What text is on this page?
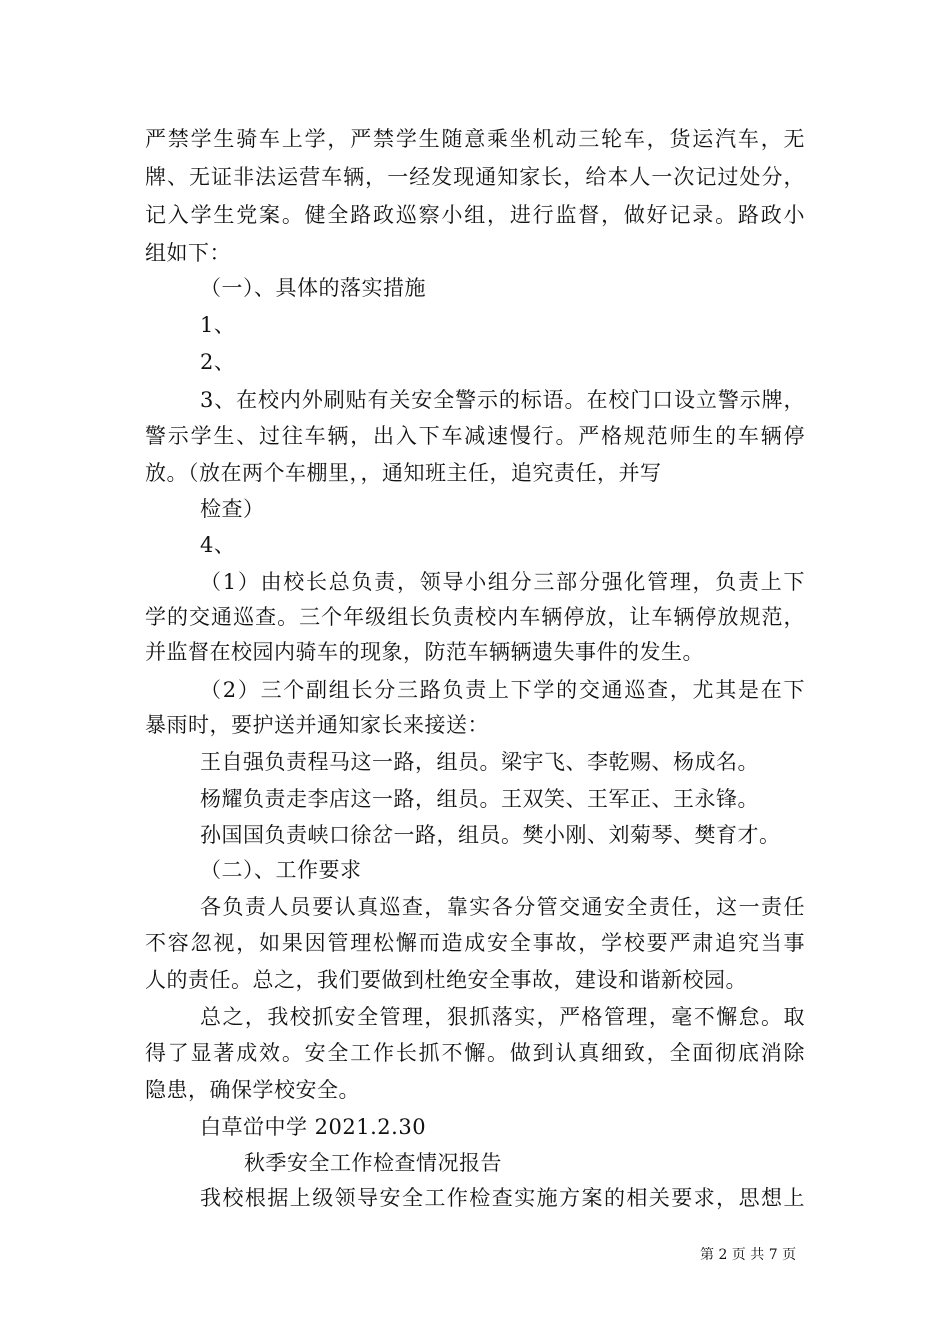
严禁学生骑车上学，严禁学生随意乘坐机动三轮车，货运汽车，无
牌、无证非法运营车辆，一经发现通知家长，给本人一次记过处分，
记入学生党案。健全路政巡察小组，进行监督，做好记录。路政小
组如下：
（一）、具体的落实措施
1、
2、
3、在校内外刷贴有关安全警示的标语。在校门口设立警示牌，
警示学生、过往车辆，出入下车减速慢行。严格规范师生的车辆停
放。（放在两个车棚里，，通知班主任，追究责任，并写
检查）
4、
（1）由校长总负责，领导小组分三部分强化管理，负责上下
学的交通巡查。三个年级组长负责校内车辆停放，让车辆停放规范，
并监督在校园内骑车的现象，防范车辆辆遗失事件的发生。
（2）三个副组长分三路负责上下学的交通巡查，尤其是在下
暴雨时，要护送并通知家长来接送：
王自强负责程马这一路，组员。梁宇飞、李乾赐、杨成名。
杨耀负责走李店这一路，组员。王双笑、王军正、王永锋。
孙国国负责峡口徐岔一路，组员。樊小刚、刘菊琴、樊育才。
（二）、工作要求
各负责人员要认真巡查，靠实各分管交通安全责任，这一责任
不容忽视，如果因管理松懈而造成安全事故，学校要严肃追究当事
人的责任。总之，我们要做到杜绝安全事故，建设和谐新校园。
总之，我校抓安全管理，狠抓落实，严格管理，毫不懈怠。取
得了显著成效。安全工作长抓不懈。做到认真细致，全面彻底消除
隐患，确保学校安全。
白草峃中学 2021.2.30
秋季安全工作检查情况报告
我校根据上级领导安全工作检查实施方案的相关要求，思想上
第 2 页 共 7 页
